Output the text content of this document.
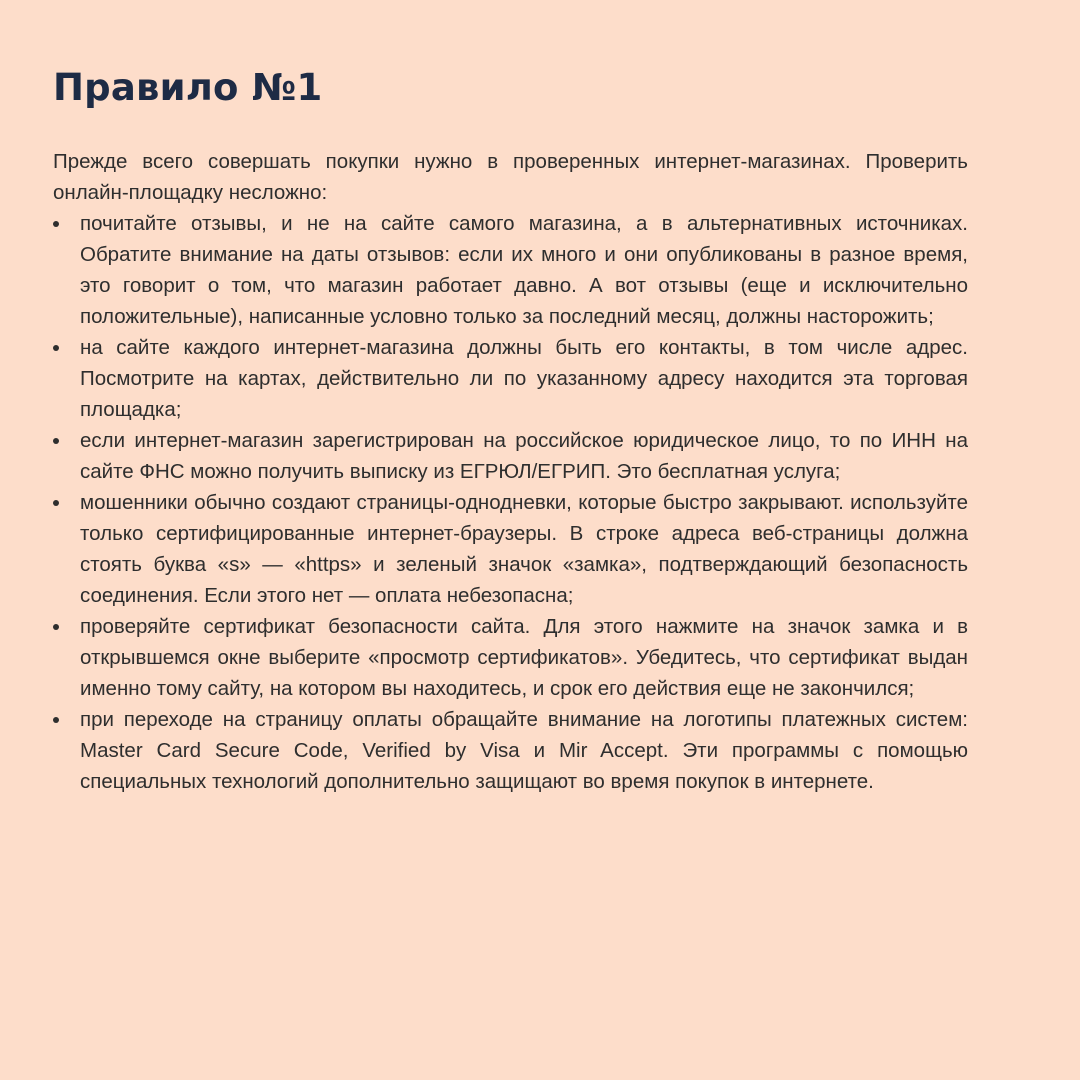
Правило №1

Прежде всего совершать покупки нужно в проверенных интернет-магазинах. Проверить онлайн-площадку несложно:

почитайте отзывы, и не на сайте самого магазина, а в альтернативных источниках. Обратите внимание на даты отзывов: если их много и они опубликованы в разное время, это говорит о том, что магазин работает давно. А вот отзывы (еще и исключительно положительные), написанные условно только за последний месяц, должны насторожить;
на сайте каждого интернет-магазина должны быть его контакты, в том числе адрес. Посмотрите на картах, действительно ли по указанному адресу находится эта торговая площадка;
если интернет-магазин зарегистрирован на российское юридическое лицо, то по ИНН на сайте ФНС можно получить выписку из ЕГРЮЛ/ЕГРИП. Это бесплатная услуга;
мошенники обычно создают страницы-однодневки, которые быстро закрывают. используйте только сертифицированные интернет-браузеры. В строке адреса веб-страницы должна стоять буква «s» — «https» и зеленый значок «замка», подтверждающий безопасность соединения. Если этого нет — оплата небезопасна;
проверяйте сертификат безопасности сайта. Для этого нажмите на значок замка и в открывшемся окне выберите «просмотр сертификатов». Убедитесь, что сертификат выдан именно тому сайту, на котором вы находитесь, и срок его действия еще не закончился;
при переходе на страницу оплаты обращайте внимание на логотипы платежных систем: Master Card Secure Code, Verified by Visa и Mir Accept. Эти программы с помощью специальных технологий дополнительно защищают во время покупок в интернете.
